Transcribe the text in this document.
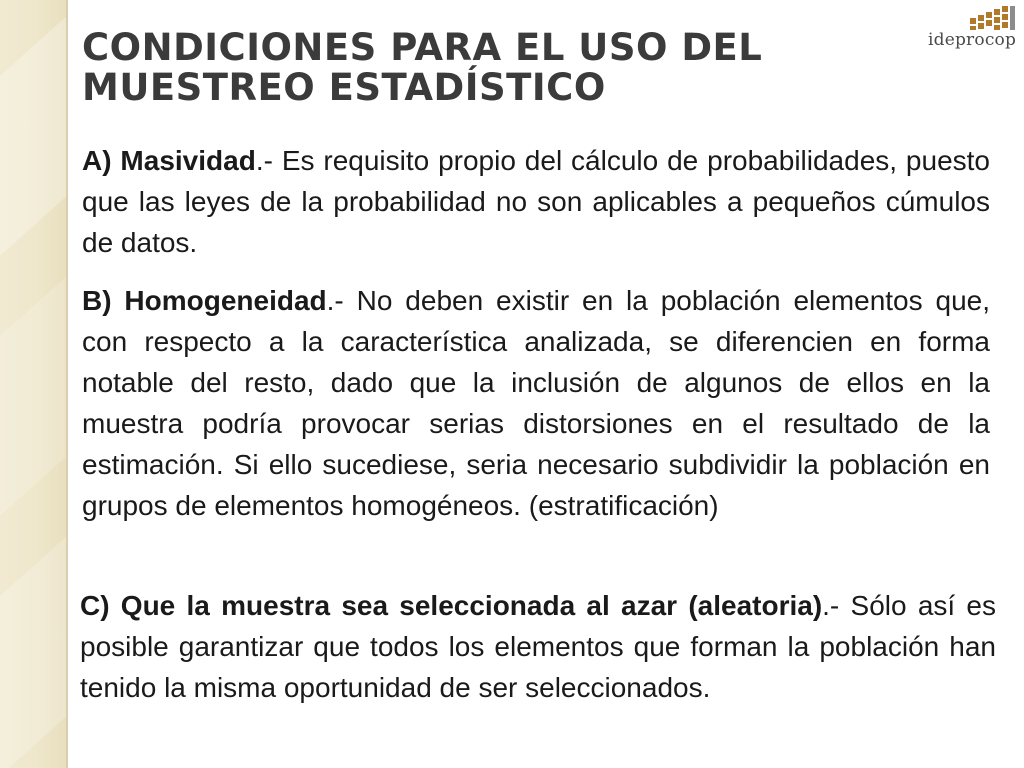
CONDICIONES PARA EL USO DEL
MUESTREO ESTADÍSTICO
ideprocop

A) Masividad.- Es requisito propio del cálculo de probabilidades, puesto que las leyes de la probabilidad no son aplicables a pequeños cúmulos de datos.

B) Homogeneidad.- No deben existir en la población elementos que, con respecto a la característica analizada, se diferencien en forma notable del resto, dado que la inclusión de algunos de ellos en la muestra podría provocar serias distorsiones en el resultado de la estimación. Si ello sucediese, seria necesario subdividir la población en grupos de elementos homogéneos. (estratificación)

C) Que la muestra sea seleccionada al azar (aleatoria).- Sólo así es posible garantizar que todos los elementos que forman la población han tenido la misma oportunidad de ser seleccionados.
